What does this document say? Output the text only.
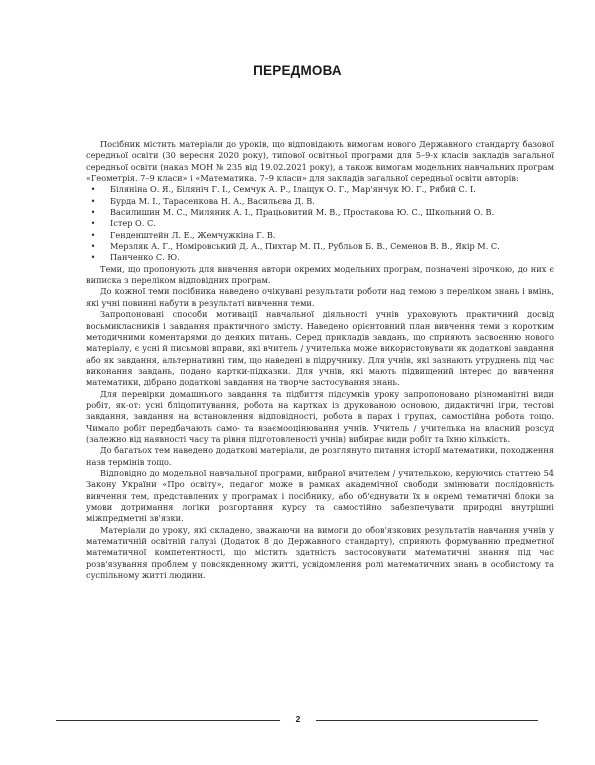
ПЕРЕДМОВА

Посібник містить матеріали до уроків, що відповідають вимогам нового Державного стандарту базової середньої освіти (30 вересня 2020 року), типової освітньої програми для 5–9-х класів закладів загальної середньої освіти (наказ МОН № 235 від 19.02.2021 року), а також вимогам модельних навчальних програм «Геометрія. 7–9 класи» і «Математика. 7–9 класи» для закладів загальної середньої освіти авторів:

•	Біляніна О. Я., Біляніч Г. І., Семчук А. Р., Ілащук О. Г., Мар'янчук Ю. Г., Рябий С. І.
•	Бурда М. І., Тарасенкова Н. А., Васильєва Д. В.
•	Василишин М. С., Миляник А. І., Працьовитий М. В., Простакова Ю. С., Школьний О. В.
•	Істер О. С.
•	Генденштейн Л. Е., Жемчужкіна Г. В.
•	Мерзляк А. Г., Номіровський Д. А., Пихтар М. П., Рубльов Б. В., Семенов В. В., Якір М. С.
•	Панченко С. Ю.

Теми, що пропонують для вивчення автори окремих модельних програм, позначені зірочкою, до них є виписка з переліком відповідних програм.

До кожної теми посібника наведено очікувані результати роботи над темою з переліком знань і вмінь, які учні повинні набути в результаті вивчення теми.

Запропоновані способи мотивації навчальної діяльності учнів ураховують практичний досвід восьмикласників і завдання практичного змісту. Наведено орієнтовний план вивчення теми з коротким методичними коментарями до деяких питань. Серед прикладів завдань, що сприяють засвоєнню нового матеріалу, є усні й письмові вправи, які вчитель / учителька може використовувати як додаткові завдання або як завдання, альтернативні тим, що наведені в підручнику. Для учнів, які зазнають утруднень під час виконання завдань, подано картки-підказки. Для учнів, які мають підвищений інтерес до вивчення математики, дібрано додаткові завдання на творче застосування знань.

Для перевірки домашнього завдання та підбиття підсумків уроку запропоновано різноманітні види робіт, як-от: усні бліцопитування, робота на картках із друкованою основою, дидактичні ігри, тестові завдання, завдання на встановлення відповідності, робота в парах і групах, самостійна робота тощо. Чимало робіт передбачають само- та взаємооцінювання учнів. Учитель / учителька на власний розсуд (залежно від наявності часу та рівня підготовленості учнів) вибирає види робіт та їхню кількість.

До багатьох тем наведено додаткові матеріали, де розглянуто питання історії математики, походження назв термінів тощо.

Відповідно до модельної навчальної програми, вибраної вчителем / учителькою, керуючись статтею 54 Закону України «Про освіту», педагог може в рамках академічної свободи змінювати послідовність вивчення тем, представлених у програмах і посібнику, або об'єднувати їх в окремі тематичні блоки за умови дотримання логіки розгортання курсу та самостійно забезпечувати природні внутрішні міжпредметні зв'язки.

Матеріали до уроку, які складено, зважаючи на вимоги до обов'язкових результатів навчання учнів у математичній освітній галузі (Додаток 8 до Державного стандарту), сприяють формуванню предметної математичної компетентності, що містить здатність застосовувати математичні знання під час розв'язування проблем у повсякденному житті, усвідомлення ролі математичних знань в особистому та суспільному житті людини.

2
